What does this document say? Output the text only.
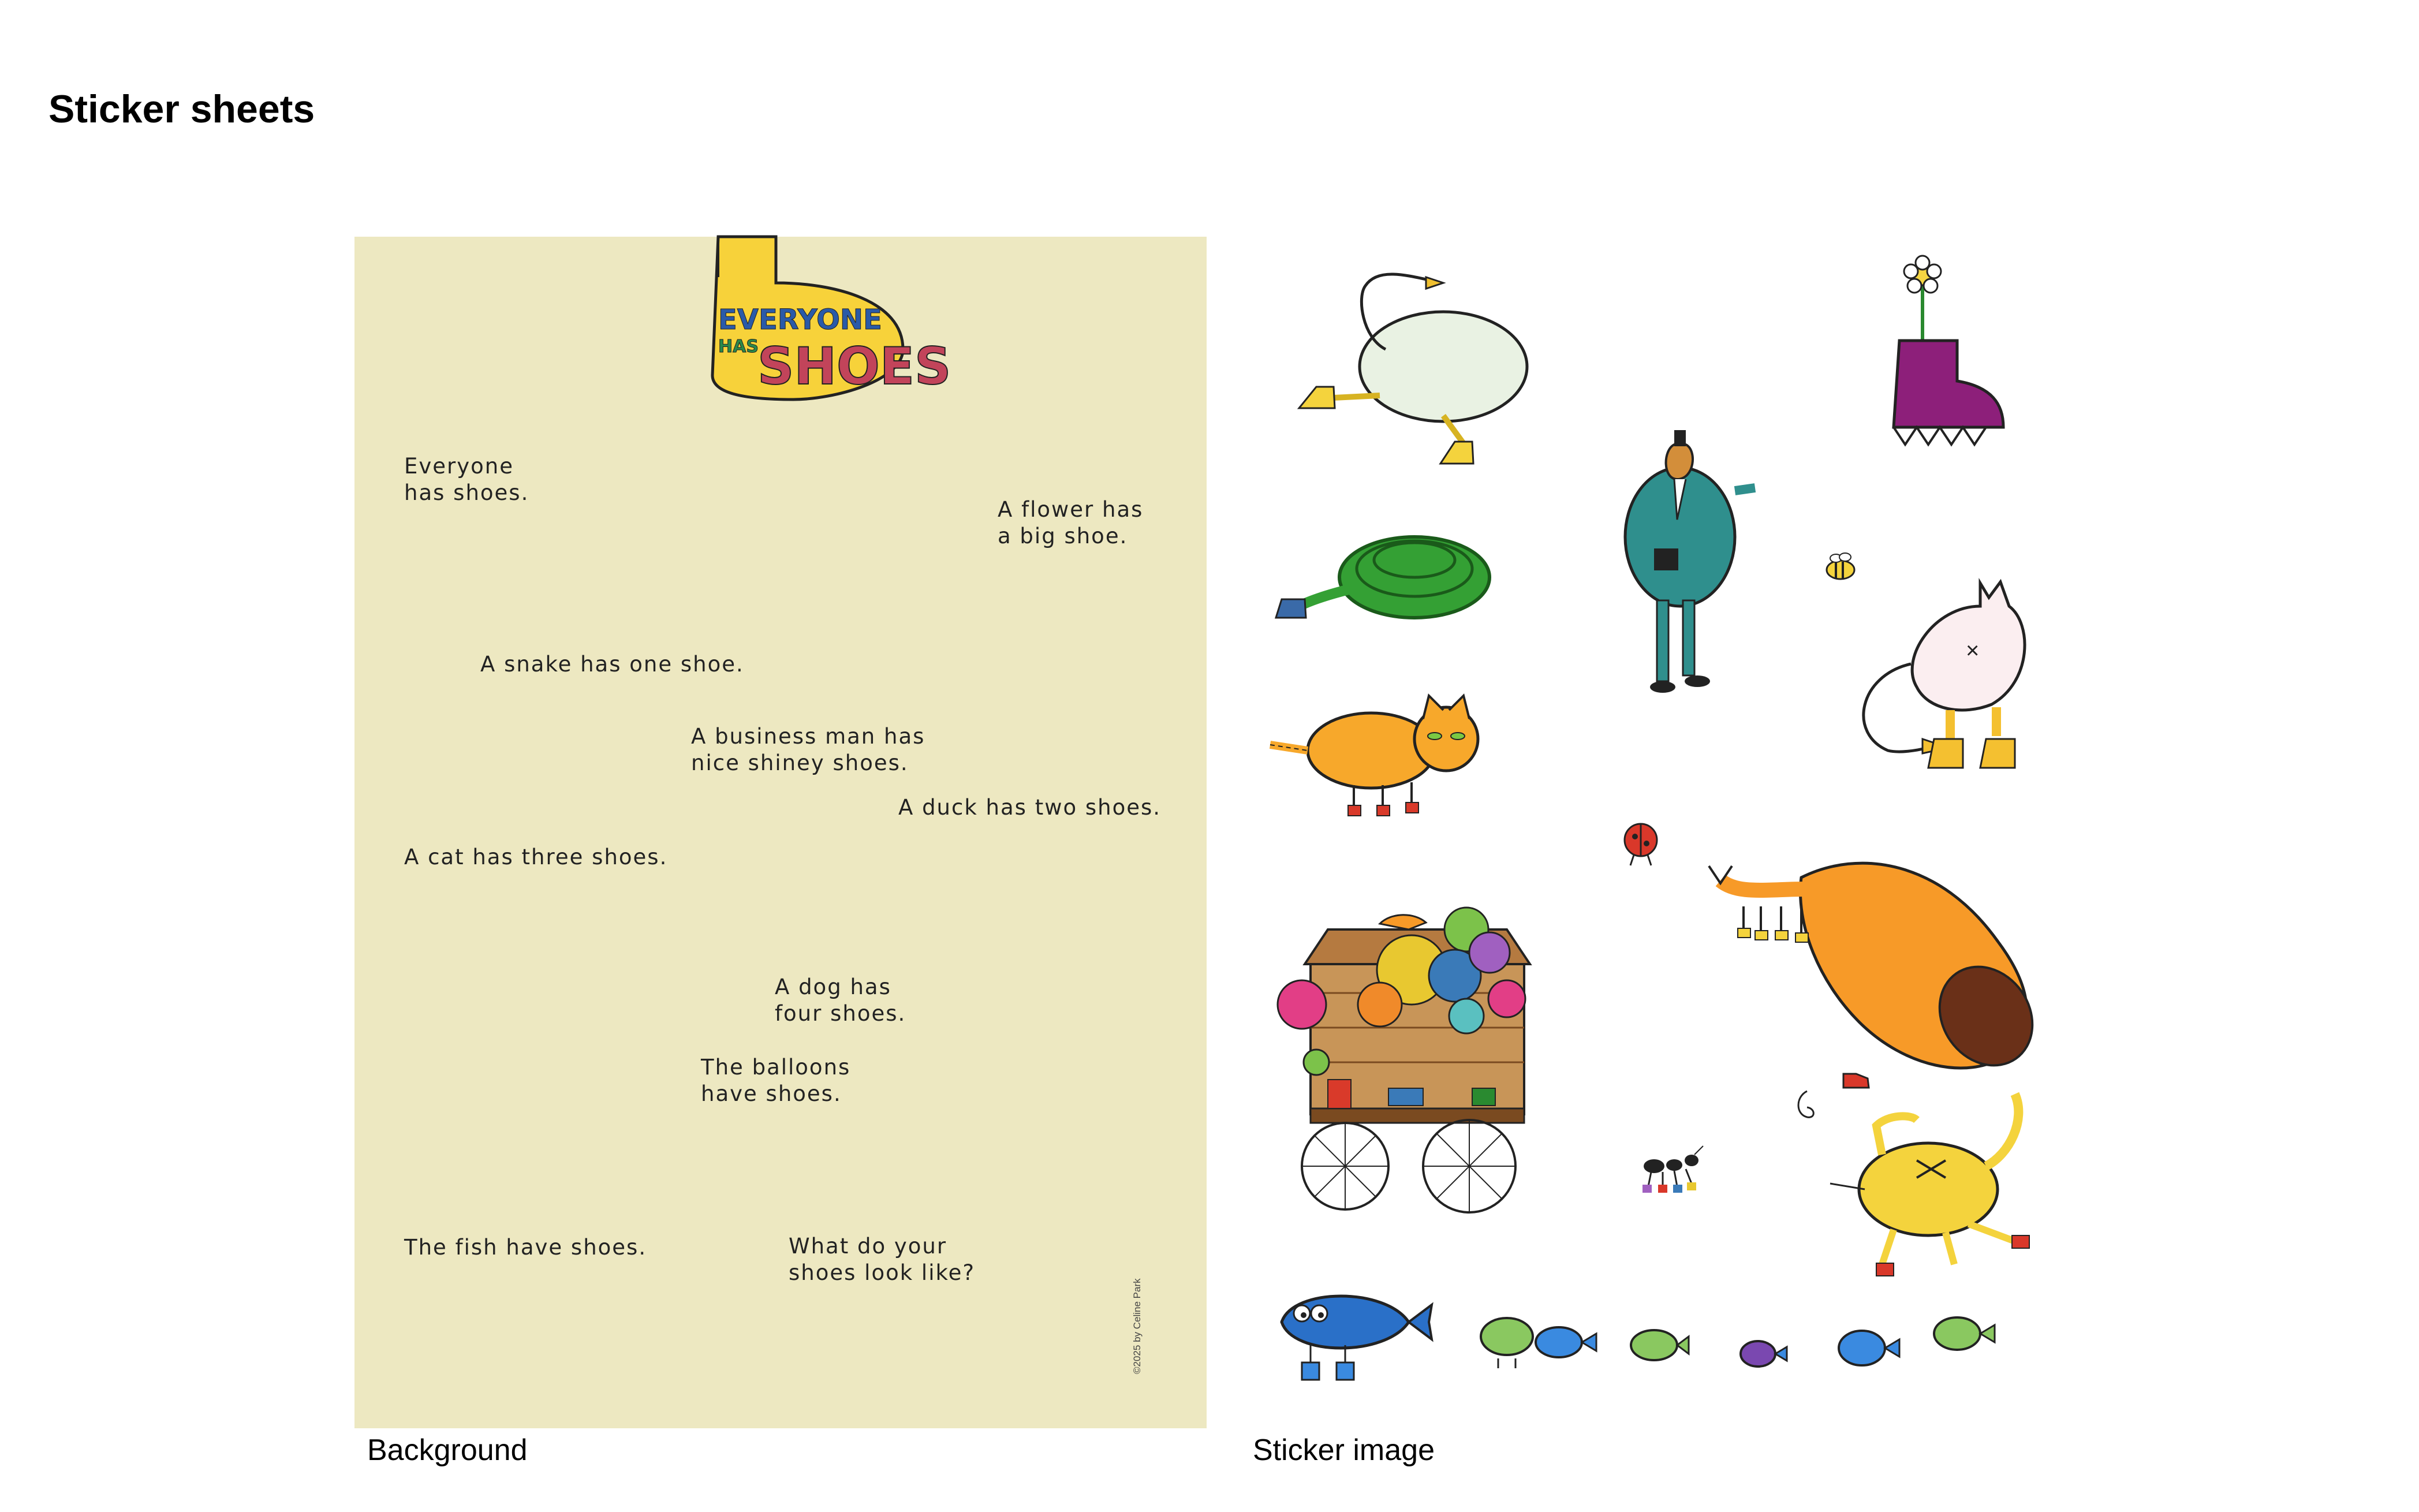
Sticker sheets
EVERYONE
HAS
SHOES
Everyone
has shoes.
A flower has
a big shoe.
A snake has one shoe.
A business man has
nice shiney shoes.
A duck has two shoes.
A cat has three shoes.
A dog has
four shoes.
The balloons
have shoes.
The fish have shoes.	What do your
shoes look like?
©2025 by Celine Park
Background
×
Sticker image
